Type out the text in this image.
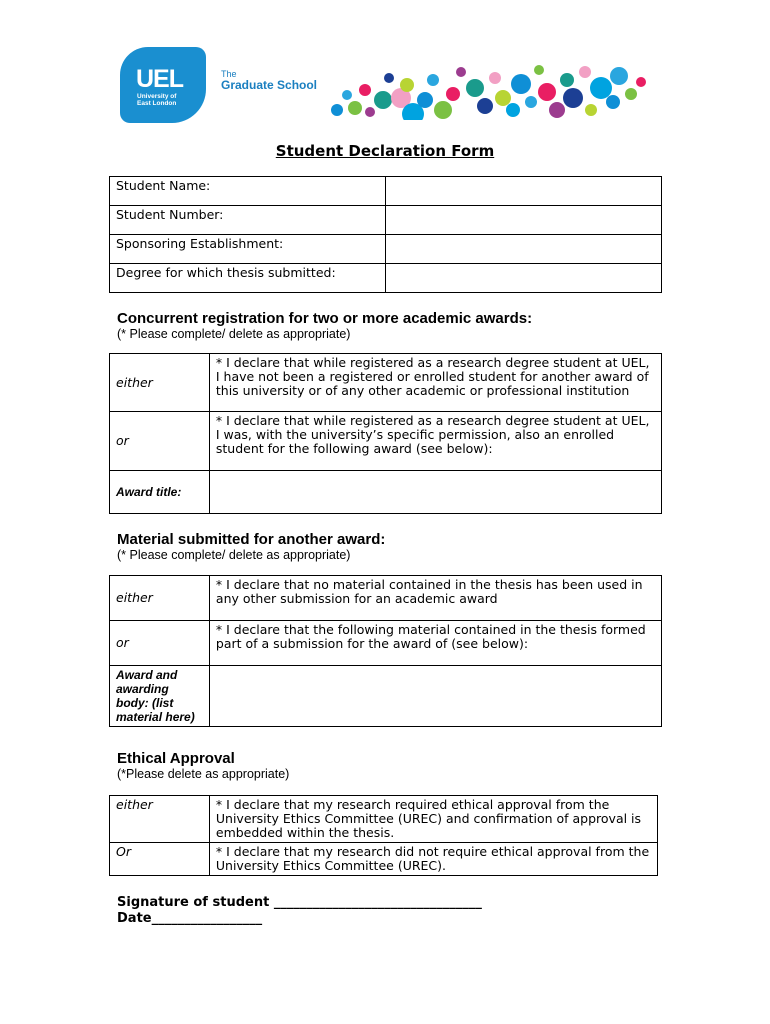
UEL
University of
East London
The
Graduate School
Student Declaration Form
Student Name:	
Student Number:	
Sponsoring Establishment:	
Degree for which thesis submitted:	
Concurrent registration for two or more academic awards:
(* Please complete/ delete as appropriate)
either	* I declare that while registered as a research degree student at UEL, I have not been a registered or enrolled student for another award of this university or of any other academic or professional institution
or	* I declare that while registered as a research degree student at UEL, I was, with the university’s specific permission, also an enrolled student for the following award (see below):
Award title:	
Material submitted for another award:
(* Please complete/ delete as appropriate)
either	* I declare that no material contained in the thesis has been used in any other submission for an academic award
or	* I declare that the following material contained in the thesis formed part of a submission for the award of (see below):
Award and awarding body: (list material here)	
Ethical Approval
(*Please delete as appropriate)
either	* I declare that my research required ethical approval from the University Ethics Committee (UREC) and confirmation of approval is embedded within the thesis.
Or	* I declare that my research did not require ethical approval from the University Ethics Committee (UREC).
Signature of student ________________________________
Date_________________
